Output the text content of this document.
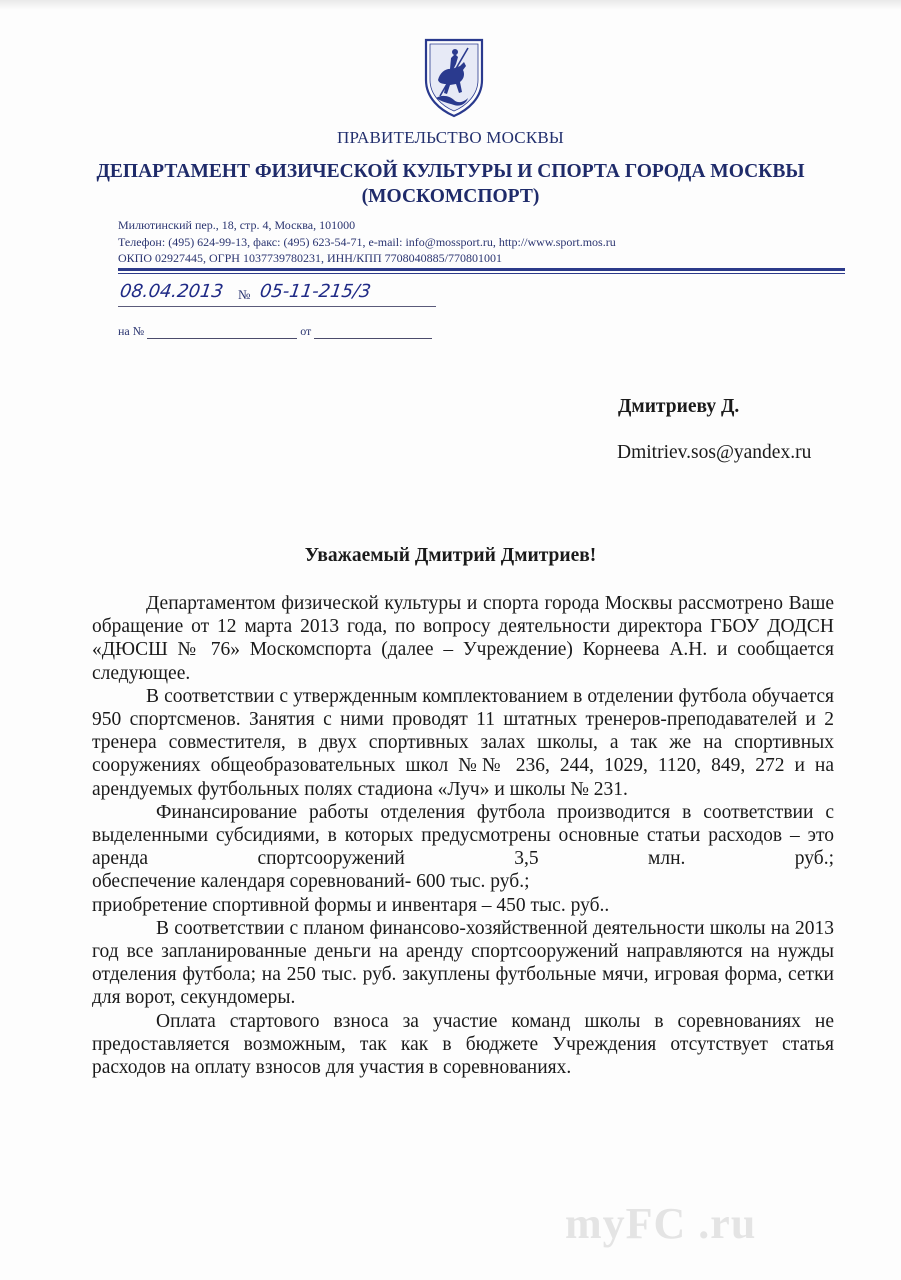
ПРАВИТЕЛЬСТВО МОСКВЫ
ДЕПАРТАМЕНТ ФИЗИЧЕСКОЙ КУЛЬТУРЫ И СПОРТА ГОРОДА МОСКВЫ
(МОСКОМСПОРТ)
Милютинский пер., 18, стр. 4, Москва, 101000
Телефон: (495) 624-99-13, факс: (495) 623-54-71, e-mail: info@mossport.ru, http://www.sport.mos.ru
ОКПО 02927445, ОГРН 1037739780231, ИНН/КПП 7708040885/770801001
08.04.2013 № 05-11-215/3
на №	от
Дмитриеву Д.
Dmitriev.sos@yandex.ru
Уважаемый Дмитрий Дмитриев!

Департаментом физической культуры и спорта города Москвы рассмотрено Ваше обращение от 12 марта 2013 года, по вопросу деятельности директора ГБОУ ДОДСН «ДЮСШ № 76» Москомспорта (далее – Учреждение) Корнеева А.Н. и сообщается следующее.

В соответствии с утвержденным комплектованием в отделении футбола обучается 950 спортсменов. Занятия с ними проводят 11 штатных тренеров-преподавателей и 2 тренера совместителя, в двух спортивных залах школы, а так же на спортивных сооружениях общеобразовательных школ №№ 236, 244, 1029, 1120, 849, 272 и на арендуемых футбольных полях стадиона «Луч» и школы № 231.

Финансирование работы отделения футбола производится в соответствии с выделенными субсидиями, в которых предусмотрены основные статьи расходов – это аренда спортсооружений 3,5 млн. руб.;

обеспечение календаря соревнований- 600 тыс. руб.;

приобретение спортивной формы и инвентаря – 450 тыс. руб..

В соответствии с планом финансово-хозяйственной деятельности школы на 2013 год все запланированные деньги на аренду спортсооружений направляются на нужды отделения футбола; на 250 тыс. руб. закуплены футбольные мячи, игровая форма, сетки для ворот, секундомеры.

Оплата стартового взноса за участие команд школы в соревнованиях не предоставляется возможным, так как в бюджете Учреждения отсутствует статья расходов на оплату взносов для участия в соревнованиях.

myFC .ru
